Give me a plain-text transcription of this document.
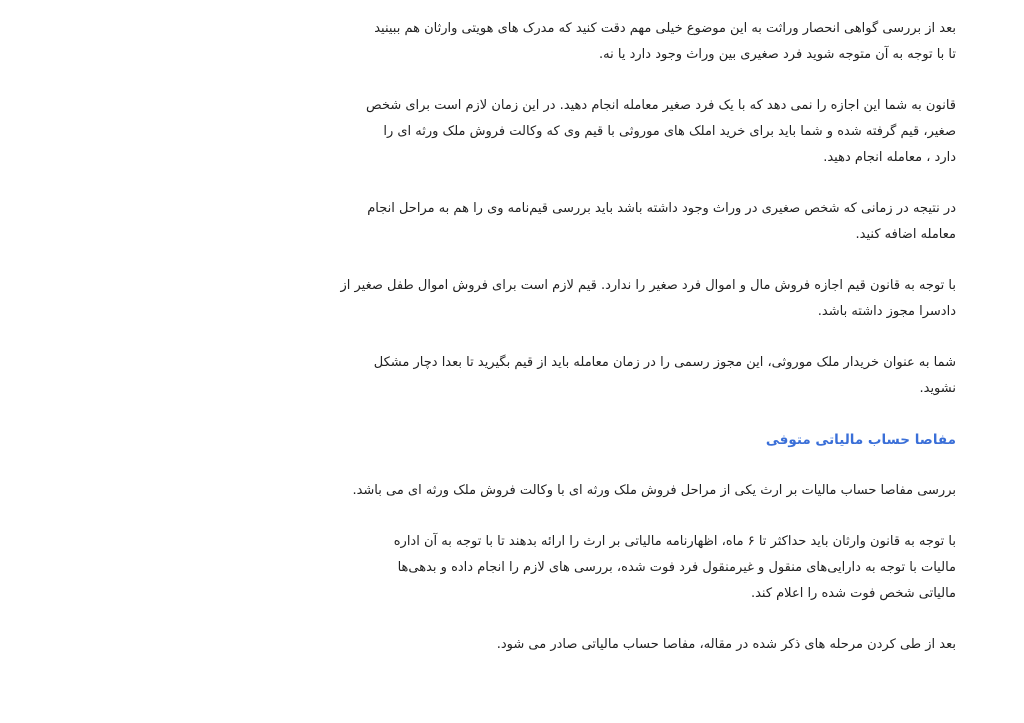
بعد از بررسی گواهی انحصار وراثت به این موضوع خیلی مهم دقت کنید که مدرک های هویتی وارثان هم ببینید
تا با توجه به آن متوجه شوید فرد صغیری بین وراث وجود دارد یا نه.

قانون به شما این اجازه را نمی دهد که با یک فرد صغیر معامله انجام دهید. در این زمان لازم است برای شخص
صغیر، قیم گرفته شده و شما باید برای خرید املک های موروثی با قیم وی که وکالت فروش ملک ورثه ای را
دارد ، معامله انجام دهید.

در نتیجه در زمانی که شخص صغیری در وراث وجود داشته باشد باید بررسی قیم‌نامه وی را هم به مراحل انجام
معامله اضافه کنید.

با توجه به قانون قیم اجازه فروش مال و اموال فرد صغیر را ندارد. قیم لازم است برای فروش اموال طفل صغیر از
دادسرا مجوز داشته باشد.

شما به عنوان خریدار ملک موروثی، این مجوز رسمی را در زمان معامله باید از قیم بگیرید تا بعدا دچار مشکل
نشوید.

مفاصا حساب مالیاتی متوفی

بررسی مفاصا حساب مالیات بر ارث یکی از مراحل فروش ملک ورثه ای با وکالت فروش ملک ورثه ای می باشد.

با توجه به قانون وارثان باید حداکثر تا ۶ ماه، اظهارنامه مالیاتی بر ارث را ارائه بدهند تا با توجه به آن اداره
مالیات با توجه به دارایی‌های منقول و غیرمنقول فرد فوت شده، بررسی های لازم را انجام داده و بدهی‌ها
مالیاتی شخص فوت شده را اعلام کند.

بعد از طی کردن مرحله های ذکر شده در مقاله، مفاصا حساب مالیاتی صادر می شود.
